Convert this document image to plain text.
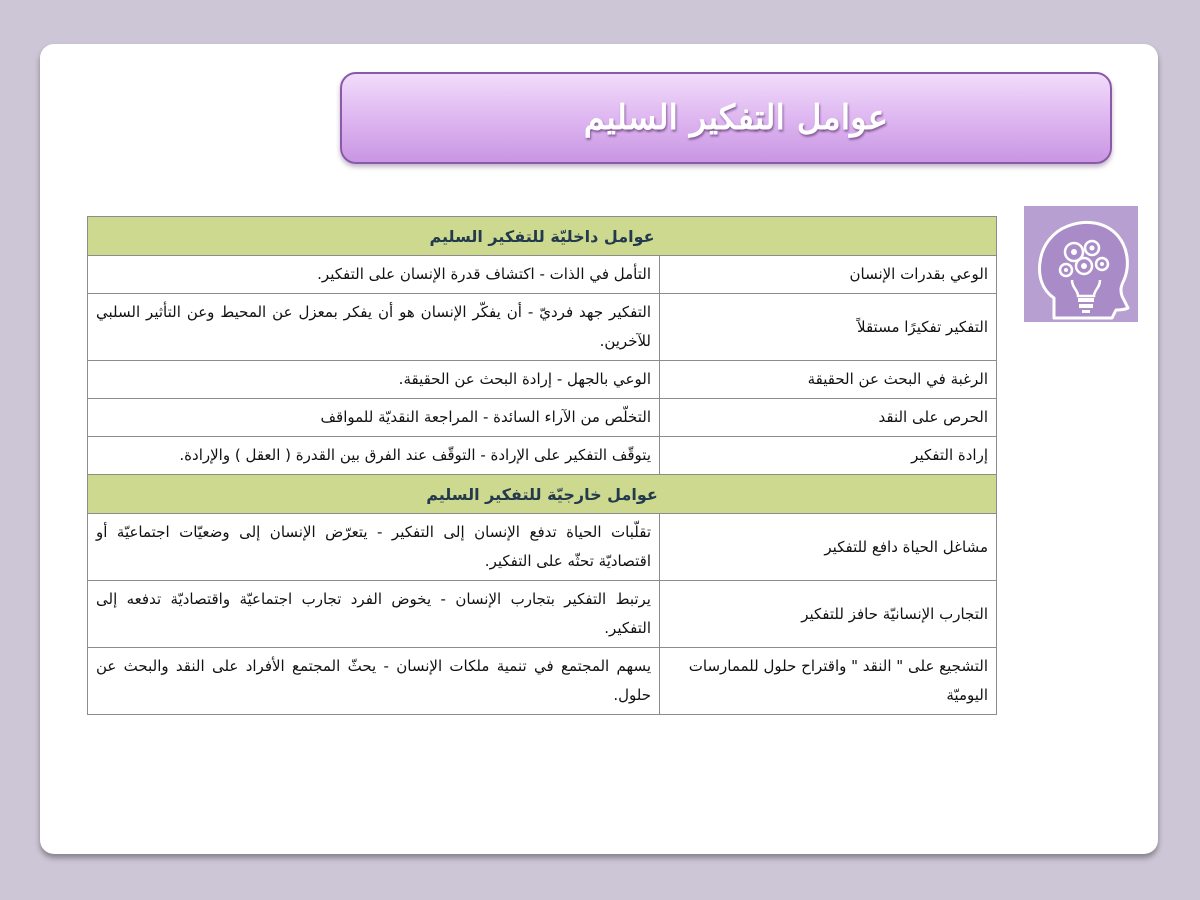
عوامل التفكير السليم
عوامل داخليّة للتفكير السليم	
الوعي بقدرات الإنسان	التأمل في الذات - اكتشاف قدرة الإنسان على التفكير.
التفكير تفكيرًا مستقلاً	التفكير جهد فرديّ - أن يفكّر الإنسان هو أن يفكر بمعزل عن المحيط وعن التأثير السلبي للآخرين.
الرغبة في البحث عن الحقيقة	الوعي بالجهل - إرادة البحث عن الحقيقة.
الحرص على النقد	التخلّص من الآراء السائدة - المراجعة النقديّة للمواقف
إرادة التفكير	يتوقّف التفكير على الإرادة - التوقّف عند الفرق بين القدرة ( العقل ) والإرادة.
عوامل خارجيّة للتفكير السليم	
مشاغل الحياة دافع للتفكير	تقلّبات الحياة تدفع الإنسان إلى التفكير - يتعرّض الإنسان إلى وضعيّات اجتماعيّة أو اقتصاديّة تحثّه على التفكير.
التجارب الإنسانيّة حافز للتفكير	يرتبط التفكير بتجارب الإنسان - يخوض الفرد تجارب اجتماعيّة واقتصاديّة تدفعه إلى التفكير.
التشجيع على " النقد " واقتراح حلول للممارسات اليوميّة	يسهم المجتمع في تنمية ملكات الإنسان - يحثّ المجتمع الأفراد على النقد والبحث عن حلول.
